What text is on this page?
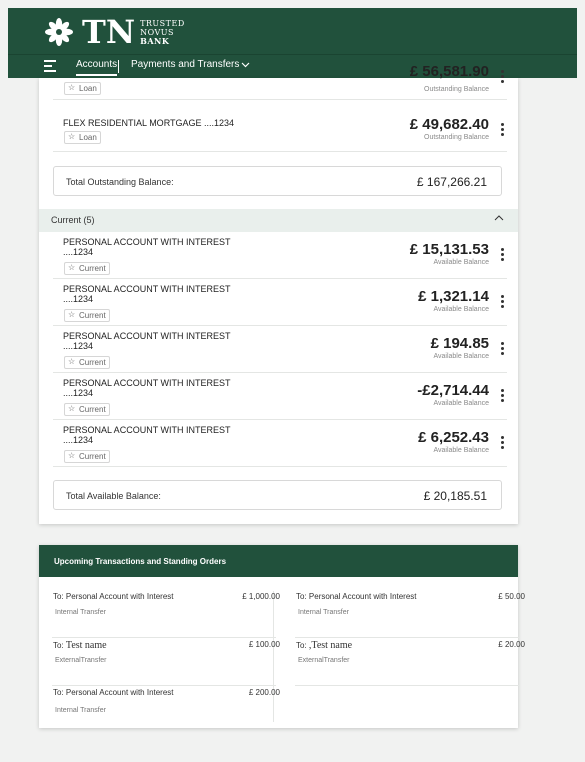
TN TRUSTED
NOVUS
BANK
Accounts Payments and Transfers
☆ Loan
£ 56,581.90
Outstanding Balance
FLEX RESIDENTIAL MORTGAGE ....1234
☆ Loan
£ 49,682.40
Outstanding Balance
Total Outstanding Balance:	£ 167,266.21
Current (5)
PERSONAL ACCOUNT WITH INTEREST
....1234
☆ Current
£ 15,131.53
Available Balance
PERSONAL ACCOUNT WITH INTEREST
....1234
☆ Current
£ 1,321.14
Available Balance
PERSONAL ACCOUNT WITH INTEREST
....1234
☆ Current
£ 194.85
Available Balance
PERSONAL ACCOUNT WITH INTEREST
....1234
☆ Current
-£2,714.44
Available Balance
PERSONAL ACCOUNT WITH INTEREST
....1234
☆ Current
£ 6,252.43
Available Balance
Total Available Balance:	£ 20,185.51
Upcoming Transactions and Standing Orders
To: Personal Account with Interest
Internal Transfer
£ 1,000.00 To: Personal Account with Interest
Internal Transfer
£ 50.00
To: Test name
ExternalTransfer
£ 100.00 To: ,Test name
ExternalTransfer
£ 20.00
To: Personal Account with Interest
Internal Transfer
£ 200.00
